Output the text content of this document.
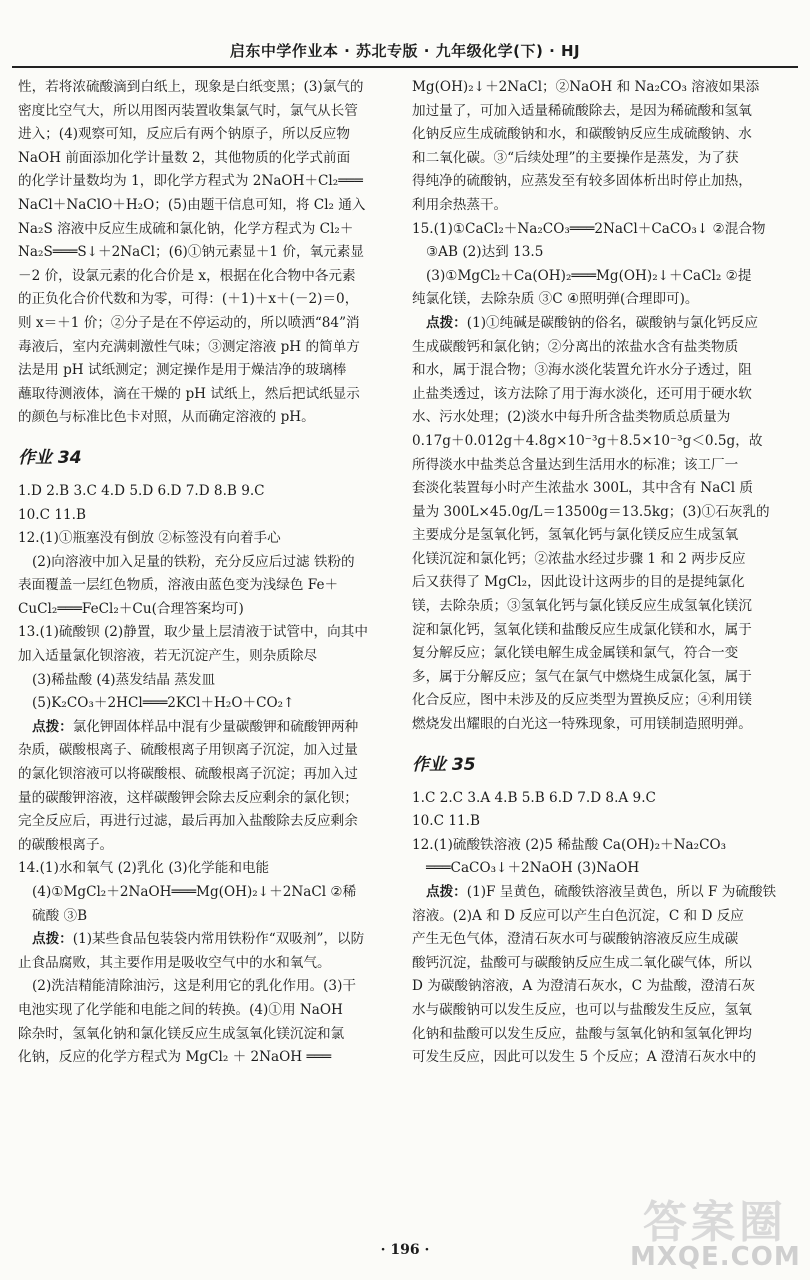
启东中学作业本 · 苏北专版 · 九年级化学(下) · HJ
性，若将浓硫酸滴到白纸上，现象是白纸变黑；(3)氯气的
密度比空气大，所以用图丙装置收集氯气时，氯气从长管
进入；(4)观察可知，反应后有两个钠原子，所以反应物
NaOH 前面添加化学计量数 2，其他物质的化学式前面
的化学计量数均为 1，即化学方程式为 2NaOH＋Cl₂═══
NaCl＋NaClO＋H₂O；(5)由题干信息可知，将 Cl₂ 通入
Na₂S 溶液中反应生成硫和氯化钠，化学方程式为 Cl₂＋
Na₂S═══S↓＋2NaCl；(6)①钠元素显＋1 价，氧元素显
－2 价，设氯元素的化合价是 x，根据在化合物中各元素
的正负化合价代数和为零，可得：(＋1)＋x＋(－2)＝0，
则 x＝＋1 价；②分子是在不停运动的，所以喷洒“84”消
毒液后，室内充满刺激性气味；③测定溶液 pH 的简单方
法是用 pH 试纸测定；测定操作是用于燥洁净的玻璃棒
蘸取待测液体，滴在干燥的 pH 试纸上，然后把试纸显示
的颜色与标准比色卡对照，从而确定溶液的 pH。
作业 34
1.D 2.B 3.C 4.D 5.D 6.D 7.D 8.B 9.C
10.C 11.B
12.(1)①瓶塞没有倒放 ②标签没有向着手心
(2)向溶液中加入足量的铁粉，充分反应后过滤 铁粉的
表面覆盖一层红色物质，溶液由蓝色变为浅绿色 Fe＋
CuCl₂═══FeCl₂＋Cu(合理答案均可)
13.(1)硫酸钡 (2)静置，取少量上层清液于试管中，向其中
加入适量氯化钡溶液，若无沉淀产生，则杂质除尽
(3)稀盐酸 (4)蒸发结晶 蒸发皿
(5)K₂CO₃＋2HCl═══2KCl＋H₂O＋CO₂↑
点拨：氯化钾固体样品中混有少量碳酸钾和硫酸钾两种
杂质，碳酸根离子、硫酸根离子用钡离子沉淀，加入过量
的氯化钡溶液可以将碳酸根、硫酸根离子沉淀；再加入过
量的碳酸钾溶液，这样碳酸钾会除去反应剩余的氯化钡；
完全反应后，再进行过滤，最后再加入盐酸除去反应剩余
的碳酸根离子。
14.(1)水和氧气 (2)乳化 (3)化学能和电能
(4)①MgCl₂＋2NaOH═══Mg(OH)₂↓＋2NaCl ②稀
硫酸 ③B
点拨：(1)某些食品包装袋内常用铁粉作“双吸剂”，以防
止食品腐败，其主要作用是吸收空气中的水和氧气。
(2)洗洁精能清除油污，这是利用它的乳化作用。(3)干
电池实现了化学能和电能之间的转换。(4)①用 NaOH
除杂时，氢氧化钠和氯化镁反应生成氢氧化镁沉淀和氯
化钠，反应的化学方程式为 MgCl₂ ＋ 2NaOH ═══
Mg(OH)₂↓＋2NaCl；②NaOH 和 Na₂CO₃ 溶液如果添
加过量了，可加入适量稀硫酸除去，是因为稀硫酸和氢氧
化钠反应生成硫酸钠和水，和碳酸钠反应生成硫酸钠、水
和二氧化碳。③“后续处理”的主要操作是蒸发，为了获
得纯净的硫酸钠，应蒸发至有较多固体析出时停止加热，
利用余热蒸干。
15.(1)①CaCl₂＋Na₂CO₃═══2NaCl＋CaCO₃↓ ②混合物
③AB (2)达到 13.5
(3)①MgCl₂＋Ca(OH)₂═══Mg(OH)₂↓＋CaCl₂ ②提
纯氯化镁，去除杂质 ③C ④照明弹(合理即可)。
点拨：(1)①纯碱是碳酸钠的俗名，碳酸钠与氯化钙反应
生成碳酸钙和氯化钠；②分离出的浓盐水含有盐类物质
和水，属于混合物；③海水淡化装置允许水分子透过，阻
止盐类透过，该方法除了用于海水淡化，还可用于硬水软
水、污水处理；(2)淡水中每升所含盐类物质总质量为
0.17g＋0.012g＋4.8g×10⁻³g＋8.5×10⁻³g＜0.5g，故
所得淡水中盐类总含量达到生活用水的标准；该工厂一
套淡化装置每小时产生浓盐水 300L，其中含有 NaCl 质
量为 300L×45.0g/L＝13500g＝13.5kg；(3)①石灰乳的
主要成分是氢氧化钙，氢氧化钙与氯化镁反应生成氢氧
化镁沉淀和氯化钙；②浓盐水经过步骤 1 和 2 两步反应
后又获得了 MgCl₂，因此设计这两步的目的是提纯氯化
镁，去除杂质；③氢氧化钙与氯化镁反应生成氢氧化镁沉
淀和氯化钙，氢氧化镁和盐酸反应生成氯化镁和水，属于
复分解反应；氯化镁电解生成金属镁和氯气，符合一变
多，属于分解反应；氢气在氯气中燃烧生成氯化氢，属于
化合反应，图中未涉及的反应类型为置换反应；④利用镁
燃烧发出耀眼的白光这一特殊现象，可用镁制造照明弹。
作业 35
1.C 2.C 3.A 4.B 5.B 6.D 7.D 8.A 9.C
10.C 11.B
12.(1)硫酸铁溶液 (2)5 稀盐酸 Ca(OH)₂＋Na₂CO₃
═══CaCO₃↓＋2NaOH (3)NaOH
点拨：(1)F 呈黄色，硫酸铁溶液呈黄色，所以 F 为硫酸铁
溶液。(2)A 和 D 反应可以产生白色沉淀，C 和 D 反应
产生无色气体，澄清石灰水可与碳酸钠溶液反应生成碳
酸钙沉淀，盐酸可与碳酸钠反应生成二氧化碳气体，所以
D 为碳酸钠溶液，A 为澄清石灰水，C 为盐酸，澄清石灰
水与碳酸钠可以发生反应，也可以与盐酸发生反应，氢氧
化钠和盐酸可以发生反应，盐酸与氢氧化钠和氢氧化钾均
可发生反应，因此可以发生 5 个反应；A 澄清石灰水中的
· 196 ·
答案圈
MXQE.COM
